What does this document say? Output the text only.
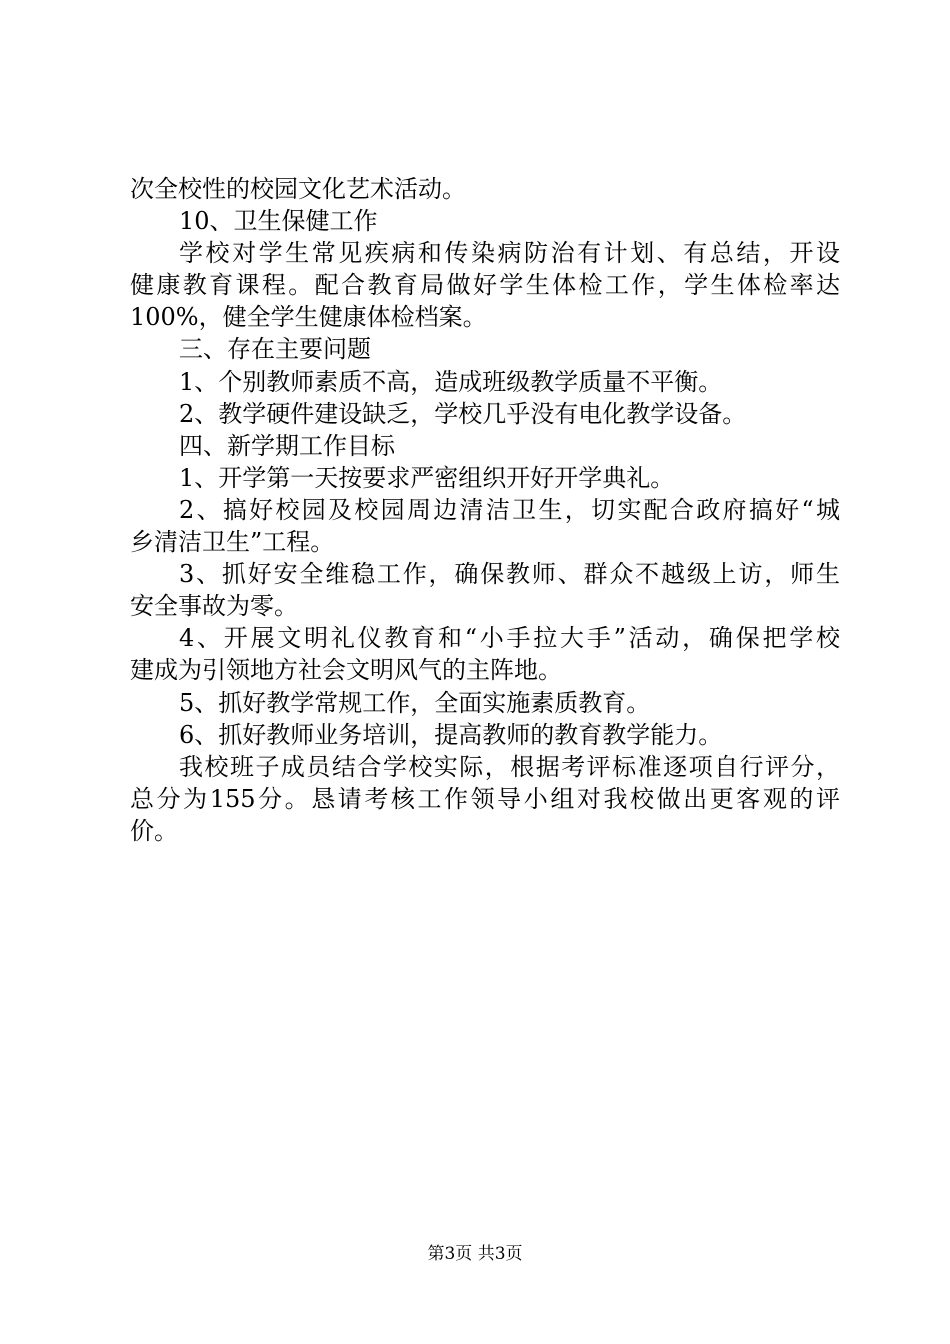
次全校性的校园文化艺术活动。
10、卫生保健工作
学校对学生常见疾病和传染病防治有计划、有总结，开设
健康教育课程。配合教育局做好学生体检工作，学生体检率达
100%，健全学生健康体检档案。
三、存在主要问题
1、个别教师素质不高，造成班级教学质量不平衡。
2、教学硬件建设缺乏，学校几乎没有电化教学设备。
四、新学期工作目标
1、开学第一天按要求严密组织开好开学典礼。
2、搞好校园及校园周边清洁卫生，切实配合政府搞好“城
乡清洁卫生”工程。
3、抓好安全维稳工作，确保教师、群众不越级上访，师生
安全事故为零。
4、开展文明礼仪教育和“小手拉大手”活动，确保把学校
建成为引领地方社会文明风气的主阵地。
5、抓好教学常规工作，全面实施素质教育。
6、抓好教师业务培训，提高教师的教育教学能力。
我校班子成员结合学校实际，根据考评标准逐项自行评分，
总分为155分。恳请考核工作领导小组对我校做出更客观的评
价。
第3页 共3页
